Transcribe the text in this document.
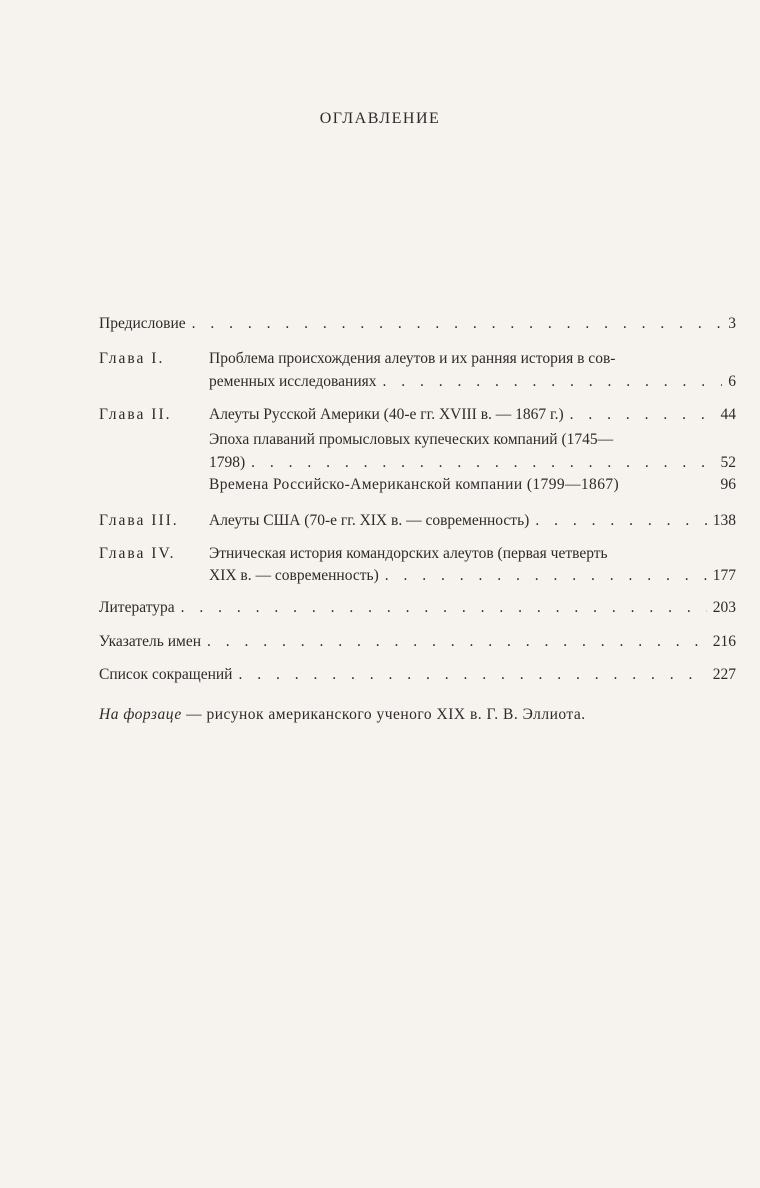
ОГЛАВЛЕНИЕ
Предисловие . . .	3
Глава I.	Проблема происхождения алеутов и их ранняя история в сов-
ременных исследованиях . . .	6
Глава II.	Алеуты Русской Америки (40-е гг. XVIII в. — 1867 г.) . . .	44
Эпоха плаваний промысловых купеческих компаний (1745—
1798) . . .	52
Времена Российско-Американской компании (1799—1867)	96
Глава III.	Алеуты США (70-е гг. XIX в. — современность) . . .	138
Глава IV.	Этническая история командорских алеутов (первая четверть
XIX в. — современность) . . .	177
Литература . . .	203
Указатель имен . . .	216
Список сокращений . . .	227
На форзаце — рисунок американского ученого XIX в. Г. В. Эллиота.
